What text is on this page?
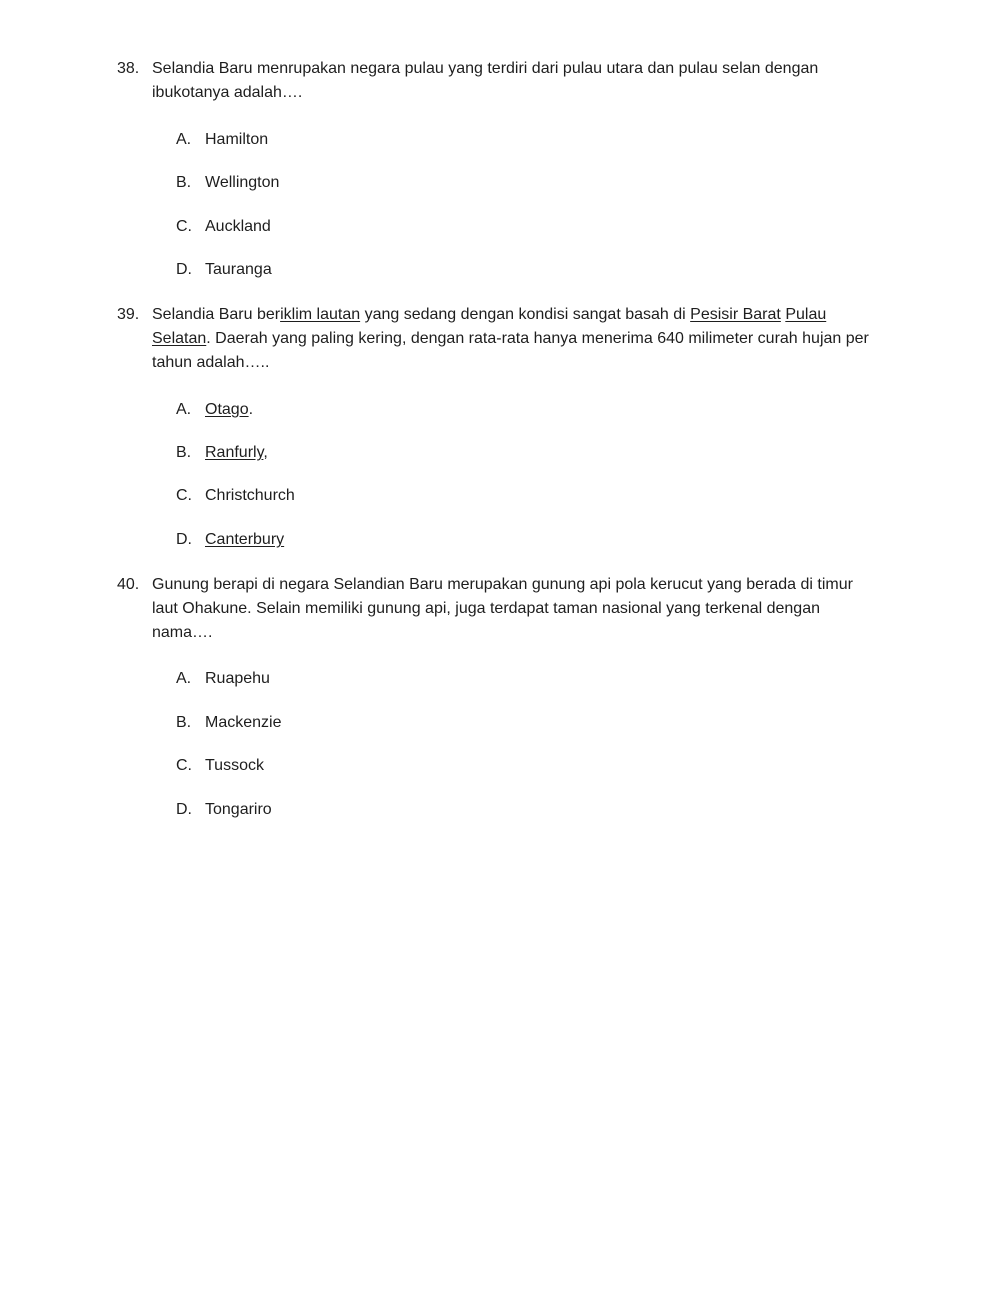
38. Selandia Baru menrupakan negara pulau yang terdiri dari pulau utara dan pulau selan dengan ibukotanya adalah….
A. Hamilton
B. Wellington
C. Auckland
D. Tauranga
39. Selandia Baru beriklim lautan yang sedang dengan kondisi sangat basah di Pesisir Barat Pulau Selatan. Daerah yang paling kering, dengan rata-rata hanya menerima 640 milimeter curah hujan per tahun adalah…..
A. Otago.
B. Ranfurly,
C. Christchurch
D. Canterbury
40. Gunung berapi di negara Selandian Baru merupakan gunung api pola kerucut yang berada di timur laut Ohakune. Selain memiliki gunung api, juga terdapat taman nasional yang terkenal dengan nama….
A. Ruapehu
B. Mackenzie
C. Tussock
D. Tongariro
